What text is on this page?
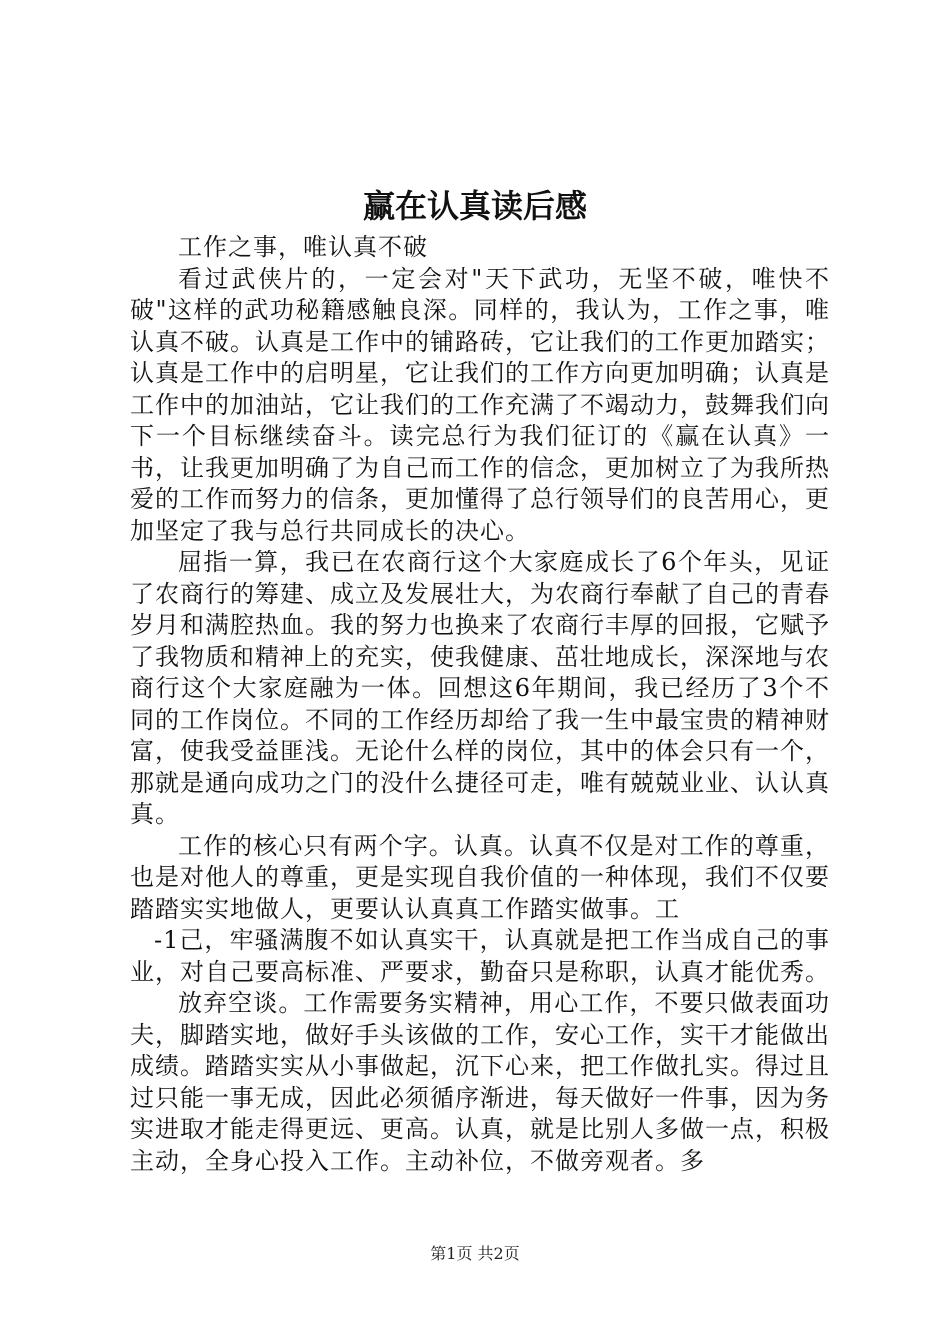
赢在认真读后感

工作之事，唯认真不破

看过武侠片的，一定会对"天下武功，无坚不破，唯快不破"这样的武功秘籍感触良深。同样的，我认为，工作之事，唯认真不破。认真是工作中的铺路砖，它让我们的工作更加踏实；认真是工作中的启明星，它让我们的工作方向更加明确；认真是工作中的加油站，它让我们的工作充满了不竭动力，鼓舞我们向下一个目标继续奋斗。读完总行为我们征订的《赢在认真》一书，让我更加明确了为自己而工作的信念，更加树立了为我所热爱的工作而努力的信条，更加懂得了总行领导们的良苦用心，更加坚定了我与总行共同成长的决心。

屈指一算，我已在农商行这个大家庭成长了6个年头，见证了农商行的筹建、成立及发展壮大，为农商行奉献了自己的青春岁月和满腔热血。我的努力也换来了农商行丰厚的回报，它赋予了我物质和精神上的充实，使我健康、茁壮地成长，深深地与农商行这个大家庭融为一体。回想这6年期间，我已经历了3个不同的工作岗位。不同的工作经历却给了我一生中最宝贵的精神财富，使我受益匪浅。无论什么样的岗位，其中的体会只有一个，那就是通向成功之门的没什么捷径可走，唯有兢兢业业、认认真真。

工作的核心只有两个字。认真。认真不仅是对工作的尊重，也是对他人的尊重，更是实现自我价值的一种体现，我们不仅要踏踏实实地做人，更要认认真真工作踏实做事。工

-1己，牢骚满腹不如认真实干，认真就是把工作当成自己的事业，对自己要高标准、严要求，勤奋只是称职，认真才能优秀。

放弃空谈。工作需要务实精神，用心工作，不要只做表面功夫，脚踏实地，做好手头该做的工作，安心工作，实干才能做出成绩。踏踏实实从小事做起，沉下心来，把工作做扎实。得过且过只能一事无成，因此必须循序渐进，每天做好一件事，因为务实进取才能走得更远、更高。认真，就是比别人多做一点，积极主动，全身心投入工作。主动补位，不做旁观者。多

第1页 共2页
